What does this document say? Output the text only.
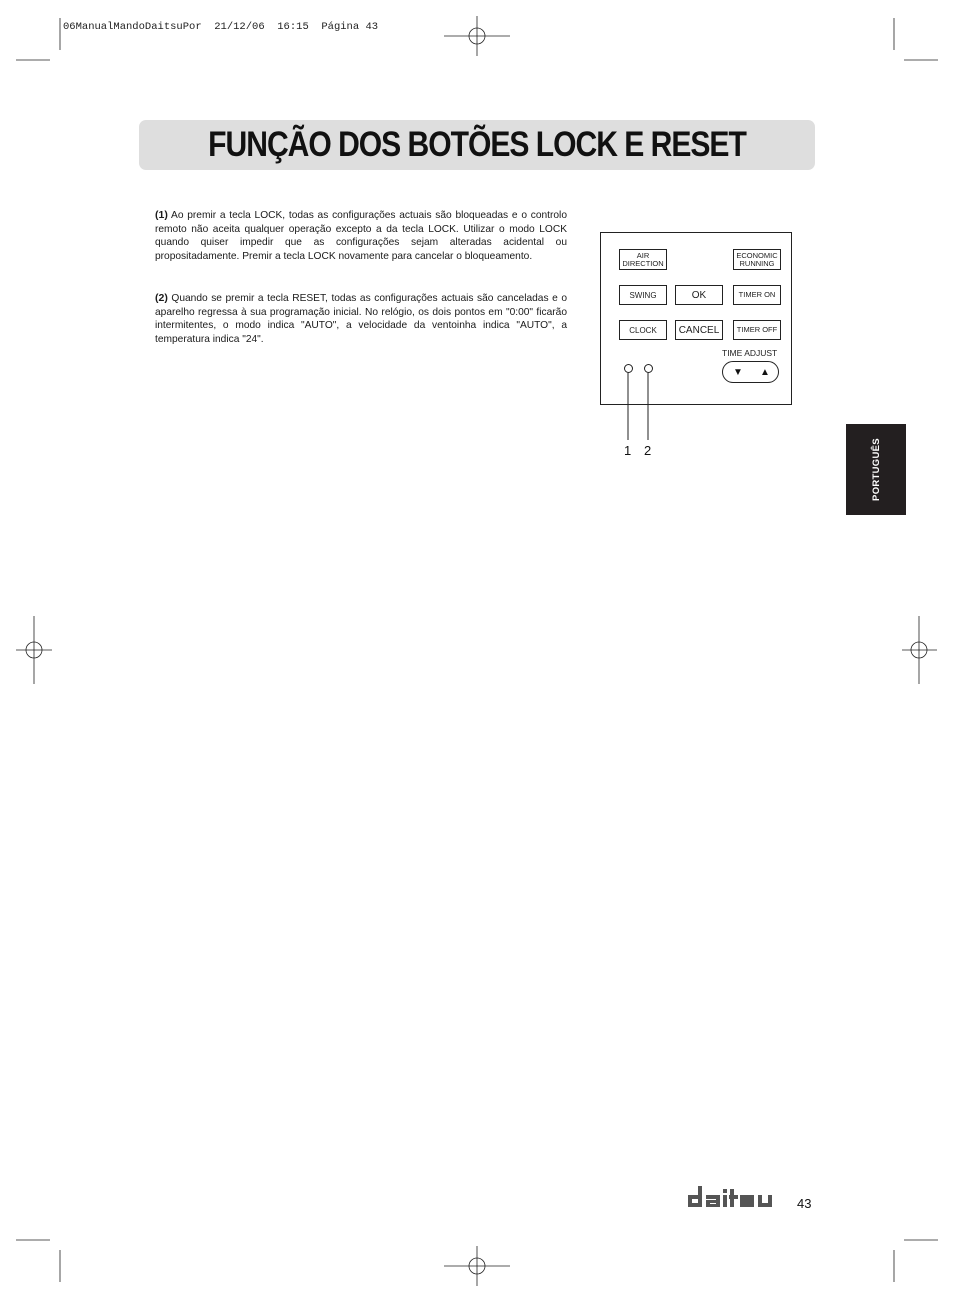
06ManualMandoDaitsuPor  21/12/06  16:15  Página 43
FUNÇÃO DOS BOTÕES LOCK E RESET
(1) Ao premir a tecla LOCK, todas as configurações actuais são bloqueadas e o controlo remoto não aceita qualquer operação excepto a da tecla LOCK. Utilizar o modo LOCK quando quiser impedir que as configurações sejam alteradas acidental ou propositadamente. Premir a tecla LOCK novamente para cancelar o bloqueamento.
(2) Quando se premir a tecla RESET, todas as configurações actuais são canceladas e o aparelho regressa à sua programação inicial. No relógio, os dois pontos em "0:00" ficarão intermitentes, o modo indica "AUTO", a velocidade da ventoinha indica "AUTO", a temperatura indica "24".
AIR
DIRECTION
ECONOMIC
RUNNING
SWING	OK	TIMER ON
CLOCK	CANCEL	TIMER OFF
TIME ADJUST
▼ ▲
1 2	PORTUGUÊS
43
